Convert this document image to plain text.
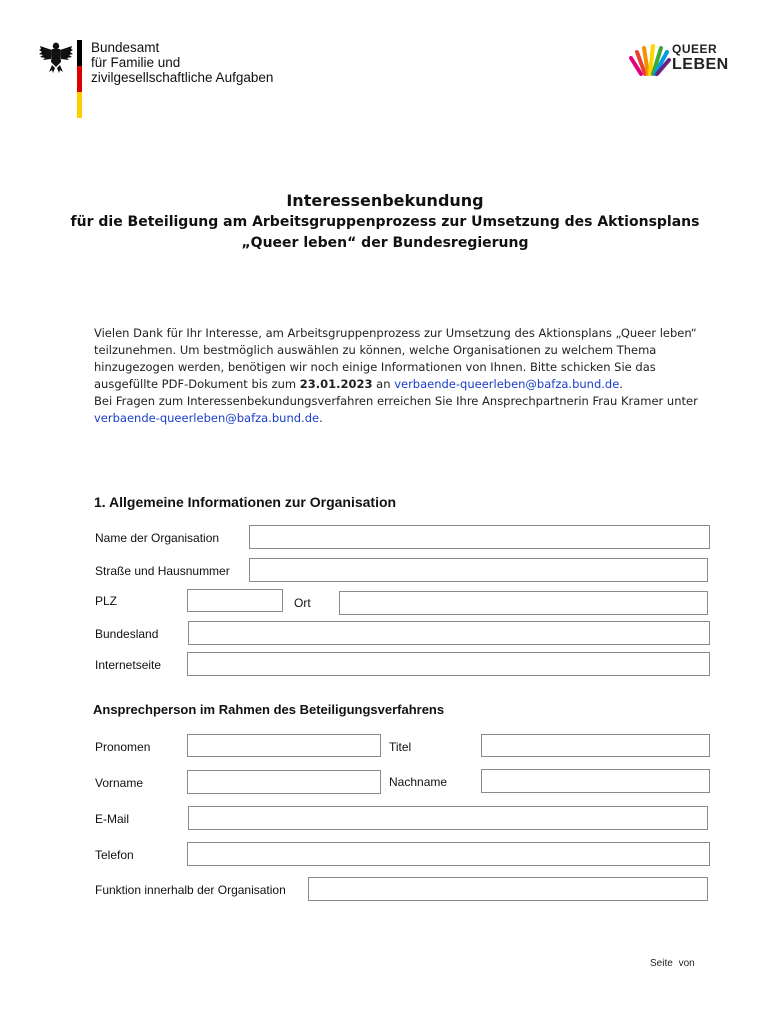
Bundesamt
für Familie und
zivilgesellschaftliche Aufgaben
QUEER
LEBEN
Interessenbekundung
für die Beteiligung am Arbeitsgruppenprozess zur Umsetzung des Aktionsplans
„Queer leben“ der Bundesregierung
Vielen Dank für Ihr Interesse, am Arbeitsgruppenprozess zur Umsetzung des Aktionsplans „Queer leben“
teilzunehmen. Um bestmöglich auswählen zu können, welche Organisationen zu welchem Thema
hinzugezogen werden, benötigen wir noch einige Informationen von Ihnen. Bitte schicken Sie das
ausgefüllte PDF-Dokument bis zum 23.01.2023 an verbaende-queerleben@bafza.bund.de.
Bei Fragen zum Interessenbekundungsverfahren erreichen Sie Ihre Ansprechpartnerin Frau Kramer unter
verbaende-queerleben@bafza.bund.de.
1. Allgemeine Informationen zur Organisation
Name der Organisation
Straße und Hausnummer
PLZ	Ort
Bundesland
Internetseite
Ansprechperson im Rahmen des Beteiligungsverfahrens
Pronomen	Titel
Vorname	Nachname
E-Mail
Telefon
Funktion innerhalb der Organisation
Seite von
